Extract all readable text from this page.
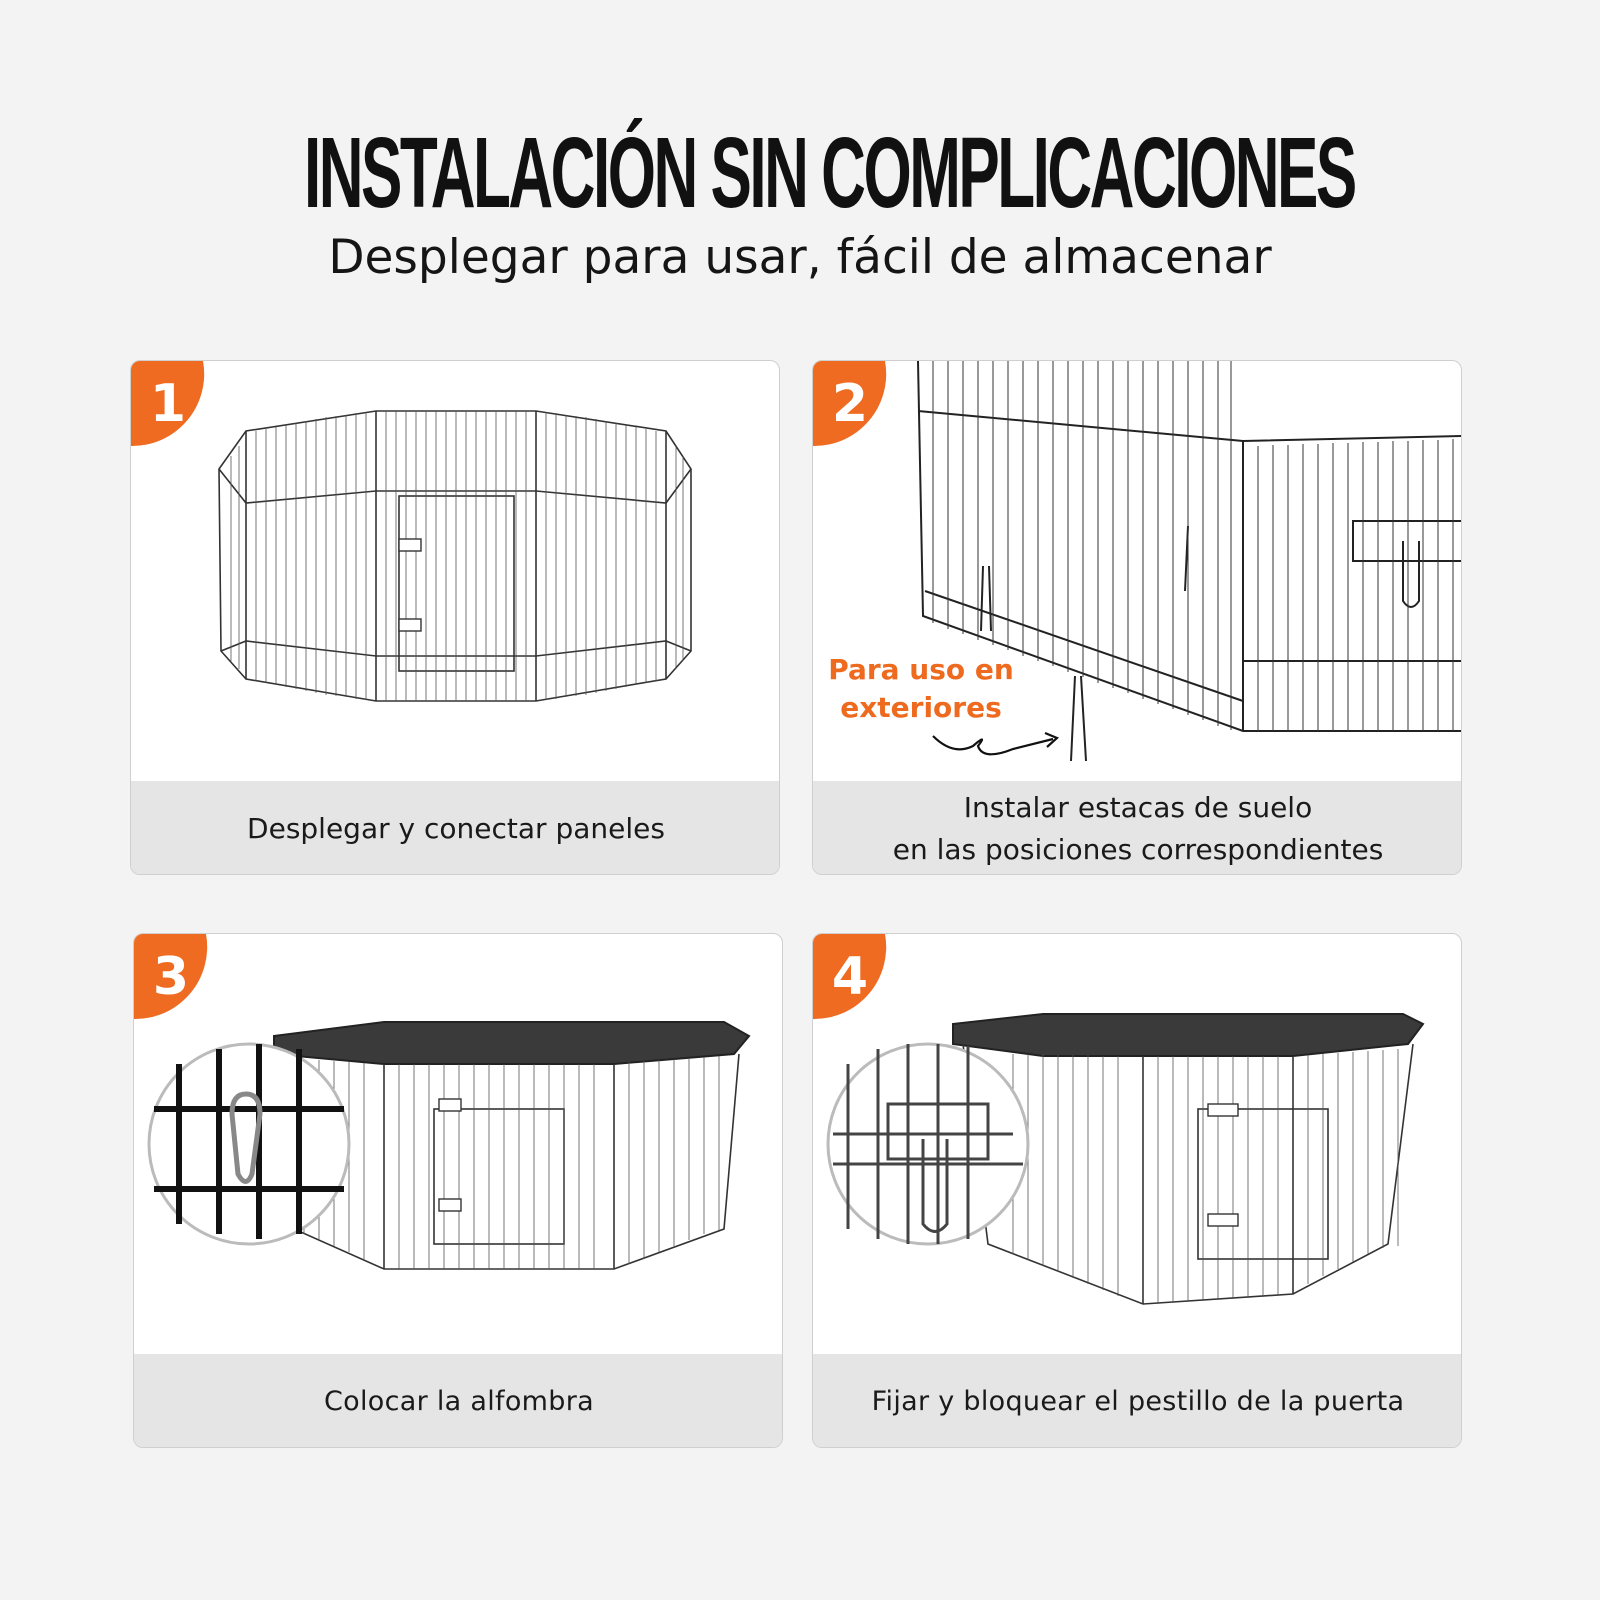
INSTALACIÓN SIN COMPLICACIONES
Desplegar para usar, fácil de almacenar
1
Desplegar y conectar paneles
2
Para uso en exteriores
Instalar estacas de suelo
en las posiciones correspondientes
3
Colocar la alfombra
4
Fijar y bloquear el pestillo de la puerta
